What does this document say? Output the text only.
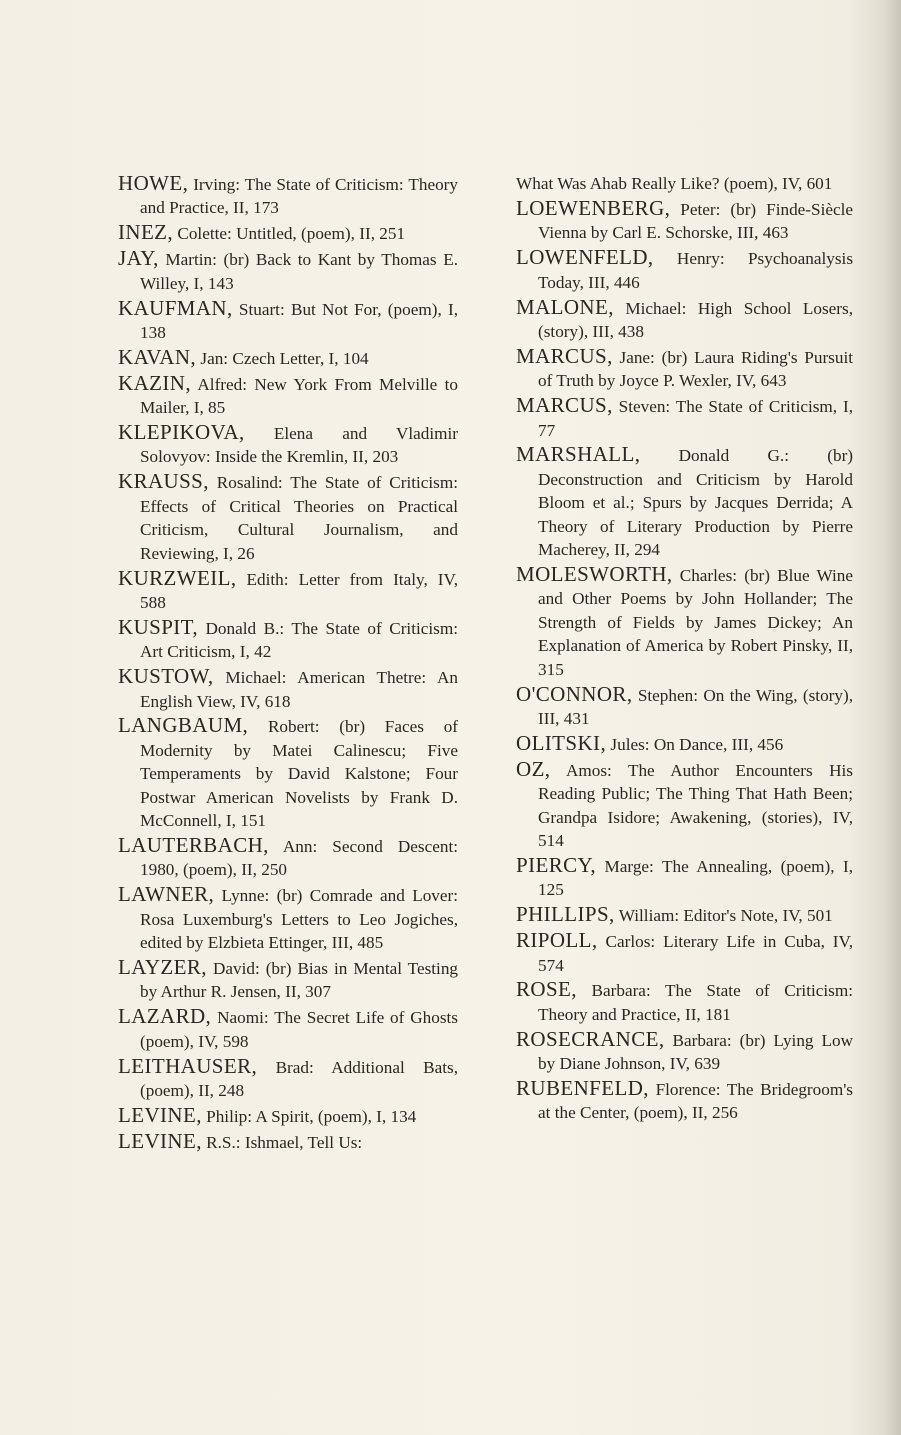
HOWE, Irving: The State of Criticism: Theory and Practice, II, 173

INEZ, Colette: Untitled, (poem), II, 251

JAY, Martin: (br) Back to Kant by Thomas E. Willey, I, 143

KAUFMAN, Stuart: But Not For, (poem), I, 138

KAVAN, Jan: Czech Letter, I, 104

KAZIN, Alfred: New York From Melville to Mailer, I, 85

KLEPIKOVA, Elena and Vladimir Solovyov: Inside the Kremlin, II, 203

KRAUSS, Rosalind: The State of Criticism: Effects of Critical Theories on Practical Criticism, Cultural Journalism, and Reviewing, I, 26

KURZWEIL, Edith: Letter from Italy, IV, 588

KUSPIT, Donald B.: The State of Criticism: Art Criticism, I, 42

KUSTOW, Michael: American Thetre: An English View, IV, 618

LANGBAUM, Robert: (br) Faces of Modernity by Matei Calinescu; Five Temperaments by David Kalstone; Four Postwar American Novelists by Frank D. McConnell, I, 151

LAUTERBACH, Ann: Second Descent: 1980, (poem), II, 250

LAWNER, Lynne: (br) Comrade and Lover: Rosa Luxemburg's Letters to Leo Jogiches, edited by Elzbieta Ettinger, III, 485

LAYZER, David: (br) Bias in Mental Testing by Arthur R. Jensen, II, 307

LAZARD, Naomi: The Secret Life of Ghosts (poem), IV, 598

LEITHAUSER, Brad: Additional Bats, (poem), II, 248

LEVINE, Philip: A Spirit, (poem), I, 134

LEVINE, R.S.: Ishmael, Tell Us:

What Was Ahab Really Like? (poem), IV, 601

LOEWENBERG, Peter: (br) Finde-Siècle Vienna by Carl E. Schorske, III, 463

LOWENFELD, Henry: Psychoanalysis Today, III, 446

MALONE, Michael: High School Losers, (story), III, 438

MARCUS, Jane: (br) Laura Riding's Pursuit of Truth by Joyce P. Wexler, IV, 643

MARCUS, Steven: The State of Criticism, I, 77

MARSHALL, Donald G.: (br) Deconstruction and Criticism by Harold Bloom et al.; Spurs by Jacques Derrida; A Theory of Literary Production by Pierre Macherey, II, 294

MOLESWORTH, Charles: (br) Blue Wine and Other Poems by John Hollander; The Strength of Fields by James Dickey; An Explanation of America by Robert Pinsky, II, 315

O'CONNOR, Stephen: On the Wing, (story), III, 431

OLITSKI, Jules: On Dance, III, 456

OZ, Amos: The Author Encounters His Reading Public; The Thing That Hath Been; Grandpa Isidore; Awakening, (stories), IV, 514

PIERCY, Marge: The Annealing, (poem), I, 125

PHILLIPS, William: Editor's Note, IV, 501

RIPOLL, Carlos: Literary Life in Cuba, IV, 574

ROSE, Barbara: The State of Criticism: Theory and Practice, II, 181

ROSECRANCE, Barbara: (br) Lying Low by Diane Johnson, IV, 639

RUBENFELD, Florence: The Bridegroom's at the Center, (poem), II, 256
